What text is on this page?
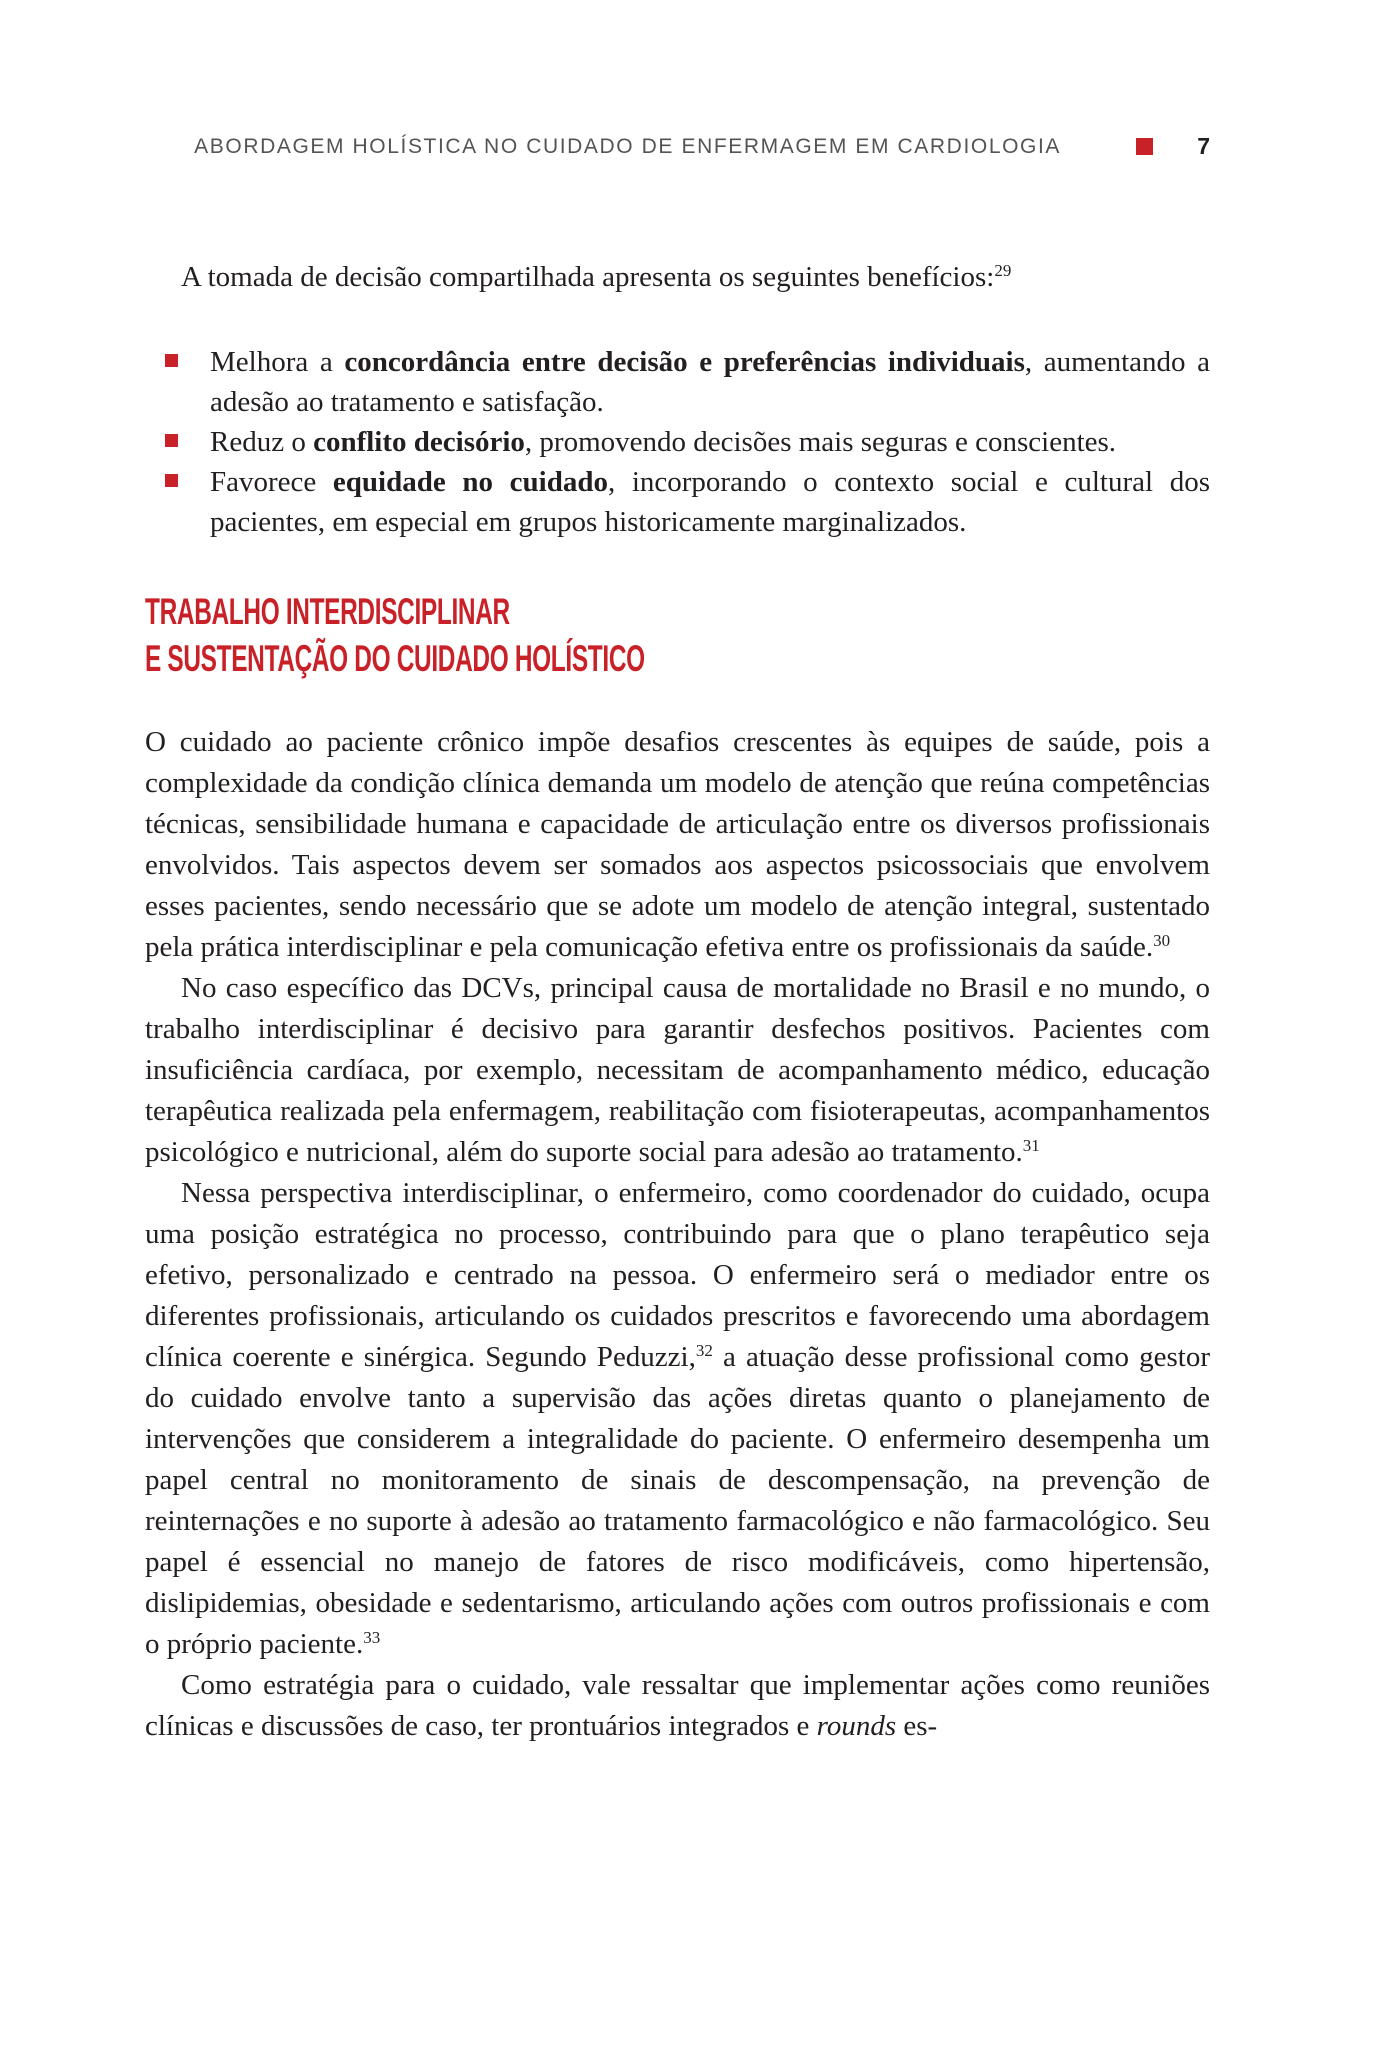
ABORDAGEM HOLÍSTICA NO CUIDADO DE ENFERMAGEM EM CARDIOLOGIA	7

A tomada de decisão compartilhada apresenta os seguintes benefícios:$^{29}$

Melhora a concordância entre decisão e preferências individuais, aumentando a adesão ao tratamento e satisfação.
Reduz o conflito decisório, promovendo decisões mais seguras e conscientes.
Favorece equidade no cuidado, incorporando o contexto social e cultural dos pacientes, em especial em grupos historicamente marginalizados.
TRABALHO INTERDISCIPLINAR
E SUSTENTAÇÃO DO CUIDADO HOLÍSTICO

O cuidado ao paciente crônico impõe desafios crescentes às equipes de saúde, pois a complexidade da condição clínica demanda um modelo de atenção que reúna competências técnicas, sensibilidade humana e capacidade de articulação entre os diversos profissionais envolvidos. Tais aspectos devem ser somados aos aspectos psicossociais que envolvem esses pacientes, sendo necessário que se adote um modelo de atenção integral, sustentado pela prática interdisciplinar e pela comunicação efetiva entre os profissionais da saúde.$^{30}$

No caso específico das DCVs, principal causa de mortalidade no Brasil e no mundo, o trabalho interdisciplinar é decisivo para garantir desfechos positivos. Pacientes com insuficiência cardíaca, por exemplo, necessitam de acompanhamento médico, educação terapêutica realizada pela enfermagem, reabilitação com fisioterapeutas, acompanhamentos psicológico e nutricional, além do suporte social para adesão ao tratamento.$^{31}$

Nessa perspectiva interdisciplinar, o enfermeiro, como coordenador do cuidado, ocupa uma posição estratégica no processo, contribuindo para que o plano terapêutico seja efetivo, personalizado e centrado na pessoa. O enfermeiro será o mediador entre os diferentes profissionais, articulando os cuidados prescritos e favorecendo uma abordagem clínica coerente e sinérgica. Segundo Peduzzi,$^{32}$ a atuação desse profissional como gestor do cuidado envolve tanto a supervisão das ações diretas quanto o planejamento de intervenções que considerem a integralidade do paciente. O enfermeiro desempenha um papel central no monitoramento de sinais de descompensação, na prevenção de reinternações e no suporte à adesão ao tratamento farmacológico e não farmacológico. Seu papel é essencial no manejo de fatores de risco modificáveis, como hipertensão, dislipidemias, obesidade e sedentarismo, articulando ações com outros profissionais e com o próprio paciente.$^{33}$

Como estratégia para o cuidado, vale ressaltar que implementar ações como reuniões clínicas e discussões de caso, ter prontuários integrados e rounds es-
